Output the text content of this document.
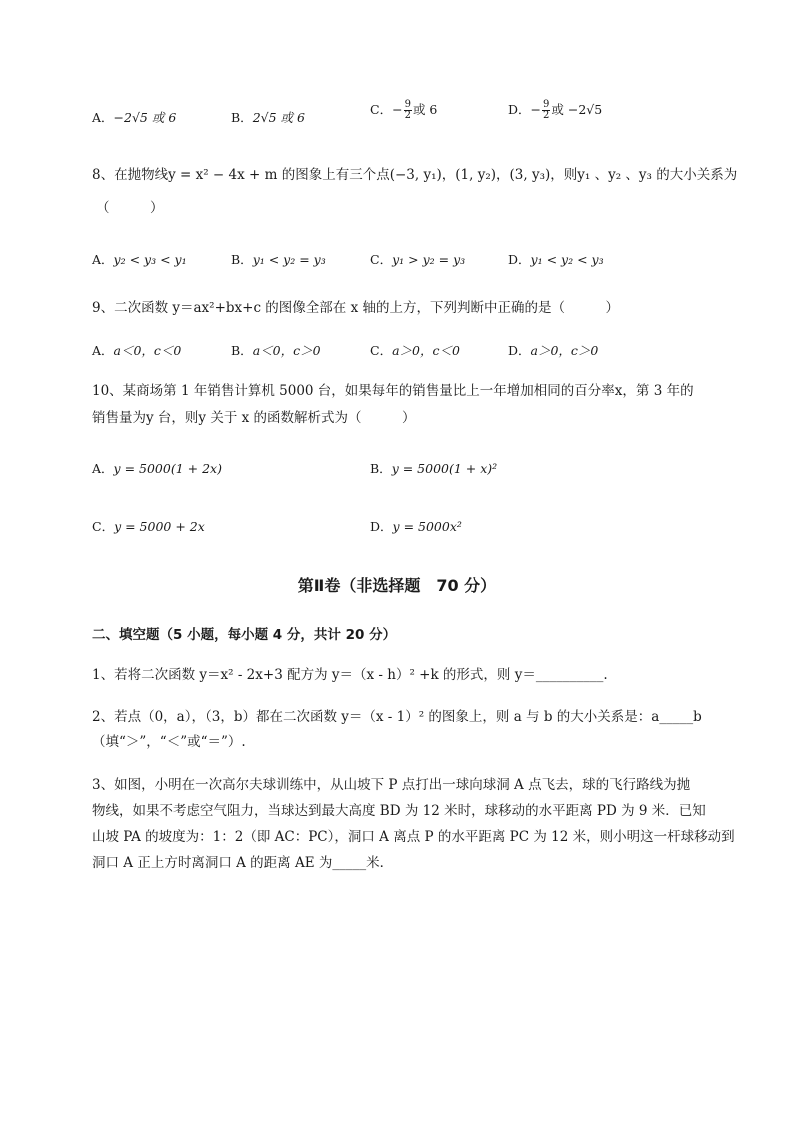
A．−2√5 或 6	B．2√5 或 6
C．− $\frac{9}{2}$ 或 6	D．− $\frac{9}{2}$ 或 −2√5
8、在抛物线y = x² − 4x + m 的图象上有三个点(−3, y₁)，(1, y₂)，(3, y₃)，则y₁ 、y₂ 、y₃ 的大小关系为
（　　　）
A．y₂ < y₃ < y₁	B．y₁ < y₂ = y₃	C．y₁ > y₂ = y₃	D．y₁ < y₂ < y₃
9、二次函数 y＝ax²+bx+c 的图像全部在 x 轴的上方，下列判断中正确的是（　　　）
A．a＜0，c＜0	B．a＜0，c＞0	C．a＞0，c＜0	D．a＞0，c＞0
10、某商场第 1 年销售计算机 5000 台，如果每年的销售量比上一年增加相同的百分率x，第 3 年的
销售量为y 台，则y 关于 x 的函数解析式为（　　　）
A．y = 5000(1 + 2x)	B．y = 5000(1 + x)²
C．y = 5000 + 2x	D．y = 5000x²
第Ⅱ卷（非选择题　70 分）
二、填空题（5 小题，每小题 4 分，共计 20 分）
1、若将二次函数 y＝x² - 2x+3 配方为 y＝（x - h）² +k 的形式，则 y＝__________.
2、若点（0，a），（3，b）都在二次函数 y＝（x - 1）² 的图象上，则 a 与 b 的大小关系是：a_____b
（填“＞”，“＜”或“＝”）.
3、如图，小明在一次高尔夫球训练中，从山坡下 P 点打出一球向球洞 A 点飞去，球的飞行路线为抛
物线，如果不考虑空气阻力，当球达到最大高度 BD 为 12 米时，球移动的水平距离 PD 为 9 米．已知
山坡 PA 的坡度为：1：2（即 AC：PC），洞口 A 离点 P 的水平距离 PC 为 12 米，则小明这一杆球移动到
洞口 A 正上方时离洞口 A 的距离 AE 为_____米．
